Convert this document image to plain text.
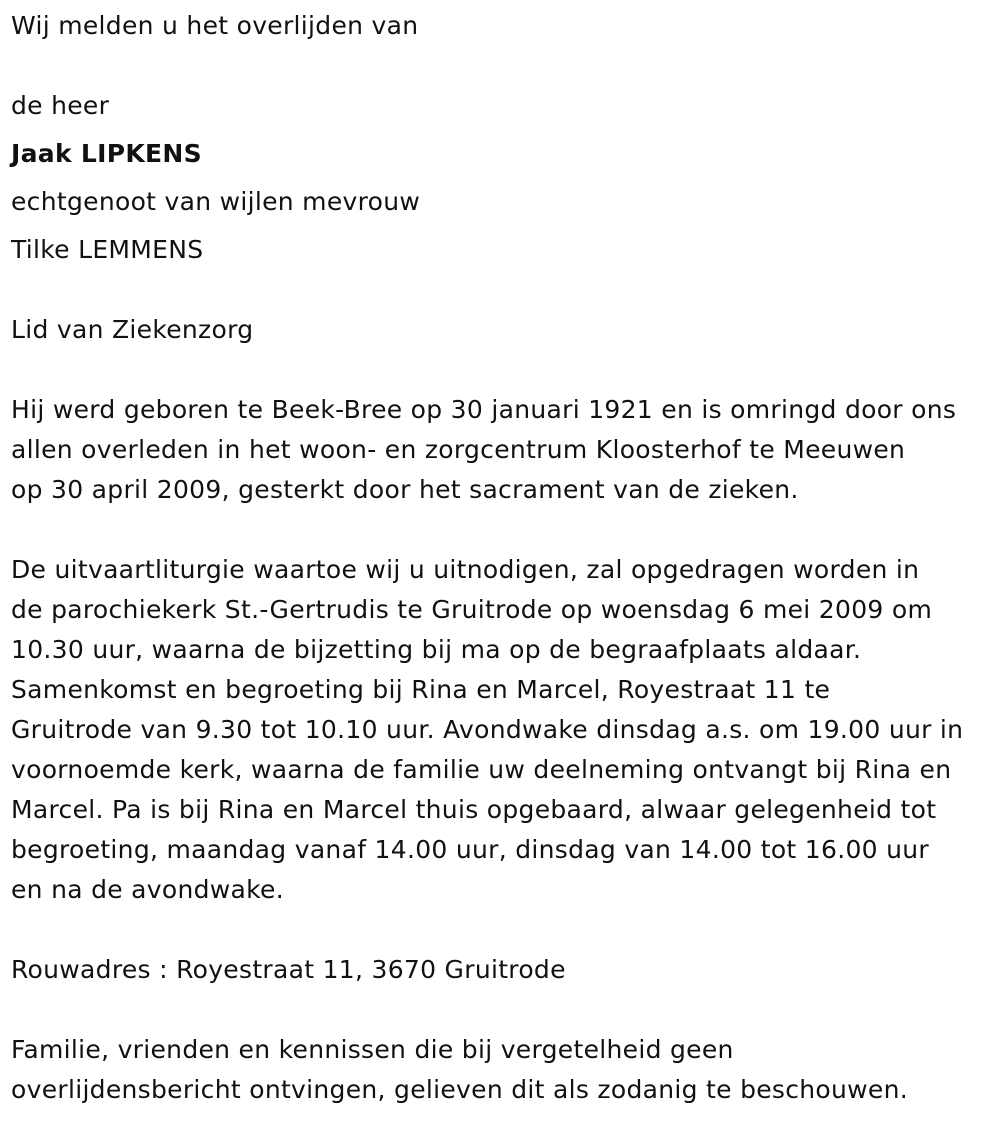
Wij melden u het overlijden van
de heer
Jaak LIPKENS
echtgenoot van wijlen mevrouw
Tilke LEMMENS
Lid van Ziekenzorg
Hij werd geboren te Beek-Bree op 30 januari 1921 en is omringd door ons
allen overleden in het woon- en zorgcentrum Kloosterhof te Meeuwen
op 30 april 2009, gesterkt door het sacrament van de zieken.
De uitvaartliturgie waartoe wij u uitnodigen, zal opgedragen worden in
de parochiekerk St.-Gertrudis te Gruitrode op woensdag 6 mei 2009 om
10.30 uur, waarna de bijzetting bij ma op de begraafplaats aldaar.
Samenkomst en begroeting bij Rina en Marcel, Royestraat 11 te
Gruitrode van 9.30 tot 10.10 uur. Avondwake dinsdag a.s. om 19.00 uur in
voornoemde kerk, waarna de familie uw deelneming ontvangt bij Rina en
Marcel. Pa is bij Rina en Marcel thuis opgebaard, alwaar gelegenheid tot
begroeting, maandag vanaf 14.00 uur, dinsdag van 14.00 tot 16.00 uur
en na de avondwake.
Rouwadres : Royestraat 11, 3670 Gruitrode
Familie, vrienden en kennissen die bij vergetelheid geen
overlijdensbericht ontvingen, gelieven dit als zodanig te beschouwen.
